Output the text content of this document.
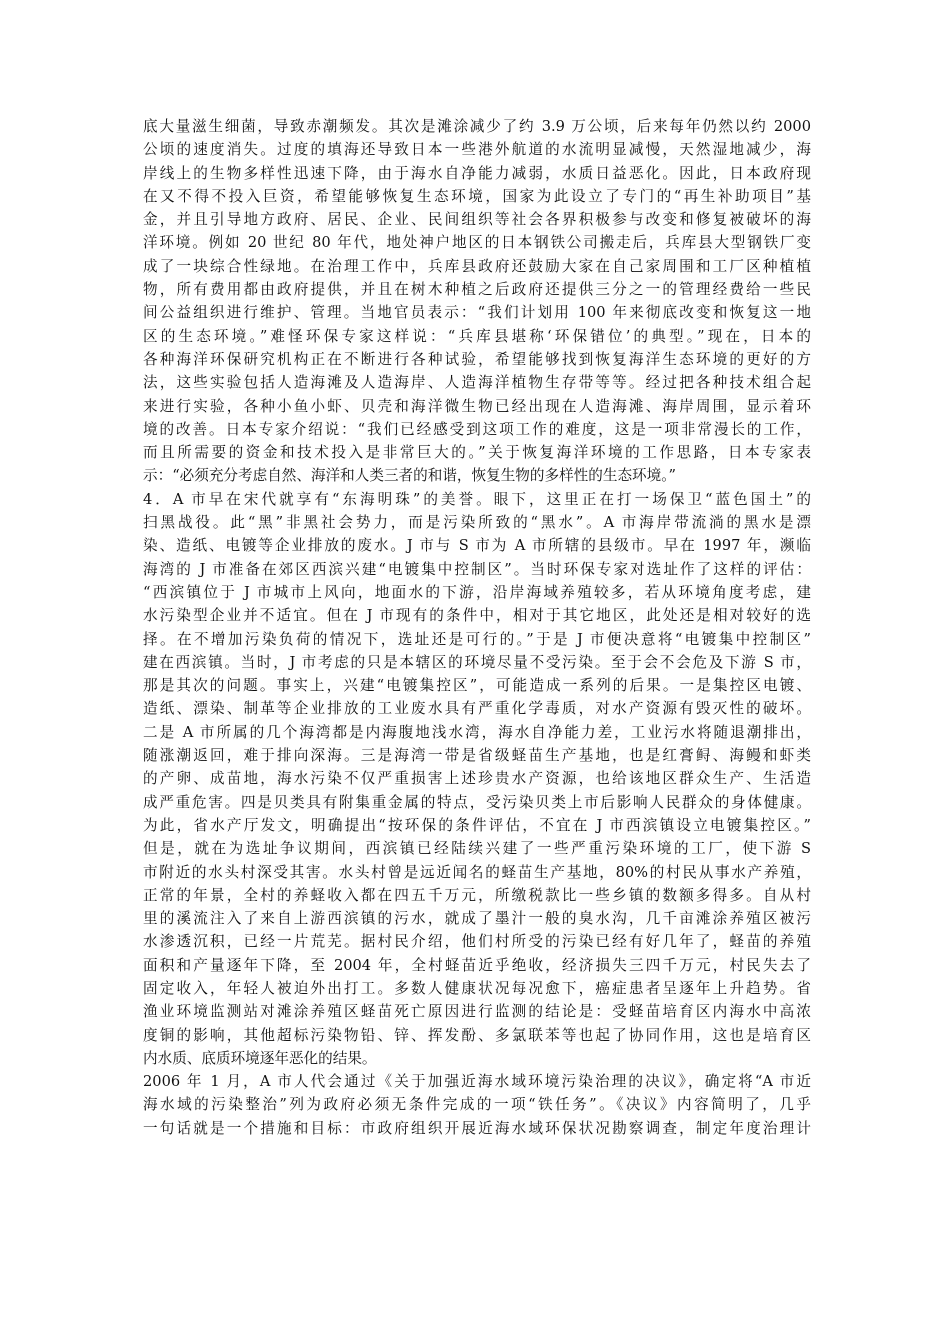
底大量滋生细菌，导致赤潮频发。其次是滩涂减少了约 3.9 万公顷，后来每年仍然以约 2000
公顷的速度消失。过度的填海还导致日本一些港外航道的水流明显减慢，天然湿地减少，海
岸线上的生物多样性迅速下降，由于海水自净能力减弱，水质日益恶化。因此，日本政府现
在又不得不投入巨资，希望能够恢复生态环境，国家为此设立了专门的“再生补助项目”基
金，并且引导地方政府、居民、企业、民间组织等社会各界积极参与改变和修复被破坏的海
洋环境。例如 20 世纪 80 年代，地处神户地区的日本钢铁公司搬走后，兵库县大型钢铁厂变
成了一块综合性绿地。在治理工作中，兵库县政府还鼓励大家在自己家周围和工厂区种植植
物，所有费用都由政府提供，并且在树木种植之后政府还提供三分之一的管理经费给一些民
间公益组织进行维护、管理。当地官员表示：“我们计划用 100 年来彻底改变和恢复这一地
区的生态环境。”难怪环保专家这样说：“兵库县堪称‘环保错位’的典型。”现在，日本的
各种海洋环保研究机构正在不断进行各种试验，希望能够找到恢复海洋生态环境的更好的方
法，这些实验包括人造海滩及人造海岸、人造海洋植物生存带等等。经过把各种技术组合起
来进行实验，各种小鱼小虾、贝壳和海洋微生物已经出现在人造海滩、海岸周围，显示着环
境的改善。日本专家介绍说：“我们已经感受到这项工作的难度，这是一项非常漫长的工作，
而且所需要的资金和技术投入是非常巨大的。”关于恢复海洋环境的工作思路，日本专家表
示：“必须充分考虑自然、海洋和人类三者的和谐，恢复生物的多样性的生态环境。”
4．A 市早在宋代就享有“东海明珠”的美誉。眼下，这里正在打一场保卫“蓝色国土”的
扫黑战役。此“黑”非黑社会势力，而是污染所致的“黑水”。A 市海岸带流淌的黑水是漂
染、造纸、电镀等企业排放的废水。J 市与 S 市为 A 市所辖的县级市。早在 1997 年，濒临
海湾的 J 市准备在郊区西滨兴建“电镀集中控制区”。当时环保专家对选址作了这样的评估：
“西滨镇位于 J 市城市上风向，地面水的下游，沿岸海域养殖较多，若从环境角度考虑，建
水污染型企业并不适宜。但在 J 市现有的条件中，相对于其它地区，此处还是相对较好的选
择。在不增加污染负荷的情况下，选址还是可行的。”于是 J 市便决意将“电镀集中控制区”
建在西滨镇。当时，J 市考虑的只是本辖区的环境尽量不受污染。至于会不会危及下游 S 市，
那是其次的问题。事实上，兴建“电镀集控区”，可能造成一系列的后果。一是集控区电镀、
造纸、漂染、制革等企业排放的工业废水具有严重化学毒质，对水产资源有毁灭性的破坏。
二是 A 市所属的几个海湾都是内海腹地浅水湾，海水自净能力差，工业污水将随退潮排出，
随涨潮返回，难于排向深海。三是海湾一带是省级蛏苗生产基地，也是红膏鲟、海鳗和虾类
的产卵、成苗地，海水污染不仅严重损害上述珍贵水产资源，也给该地区群众生产、生活造
成严重危害。四是贝类具有附集重金属的特点，受污染贝类上市后影响人民群众的身体健康。
为此，省水产厅发文，明确提出“按环保的条件评估，不宜在 J 市西滨镇设立电镀集控区。”
但是，就在为选址争议期间，西滨镇已经陆续兴建了一些严重污染环境的工厂，使下游 S
市附近的水头村深受其害。水头村曾是远近闻名的蛏苗生产基地，80%的村民从事水产养殖，
正常的年景，全村的养蛏收入都在四五千万元，所缴税款比一些乡镇的数额多得多。自从村
里的溪流注入了来自上游西滨镇的污水，就成了墨汁一般的臭水沟，几千亩滩涂养殖区被污
水渗透沉积，已经一片荒芜。据村民介绍，他们村所受的污染已经有好几年了，蛏苗的养殖
面积和产量逐年下降，至 2004 年，全村蛏苗近乎绝收，经济损失三四千万元，村民失去了
固定收入，年轻人被迫外出打工。多数人健康状况每况愈下，癌症患者呈逐年上升趋势。省
渔业环境监测站对滩涂养殖区蛏苗死亡原因进行监测的结论是：受蛏苗培育区内海水中高浓
度铜的影响，其他超标污染物铅、锌、挥发酚、多氯联苯等也起了协同作用，这也是培育区
内水质、底质环境逐年恶化的结果。
2006 年 1 月，A 市人代会通过《关于加强近海水域环境污染治理的决议》，确定将“A 市近
海水域的污染整治”列为政府必须无条件完成的一项“铁任务”。《决议》内容简明了，几乎
一句话就是一个措施和目标：市政府组织开展近海水域环保状况勘察调查，制定年度治理计
